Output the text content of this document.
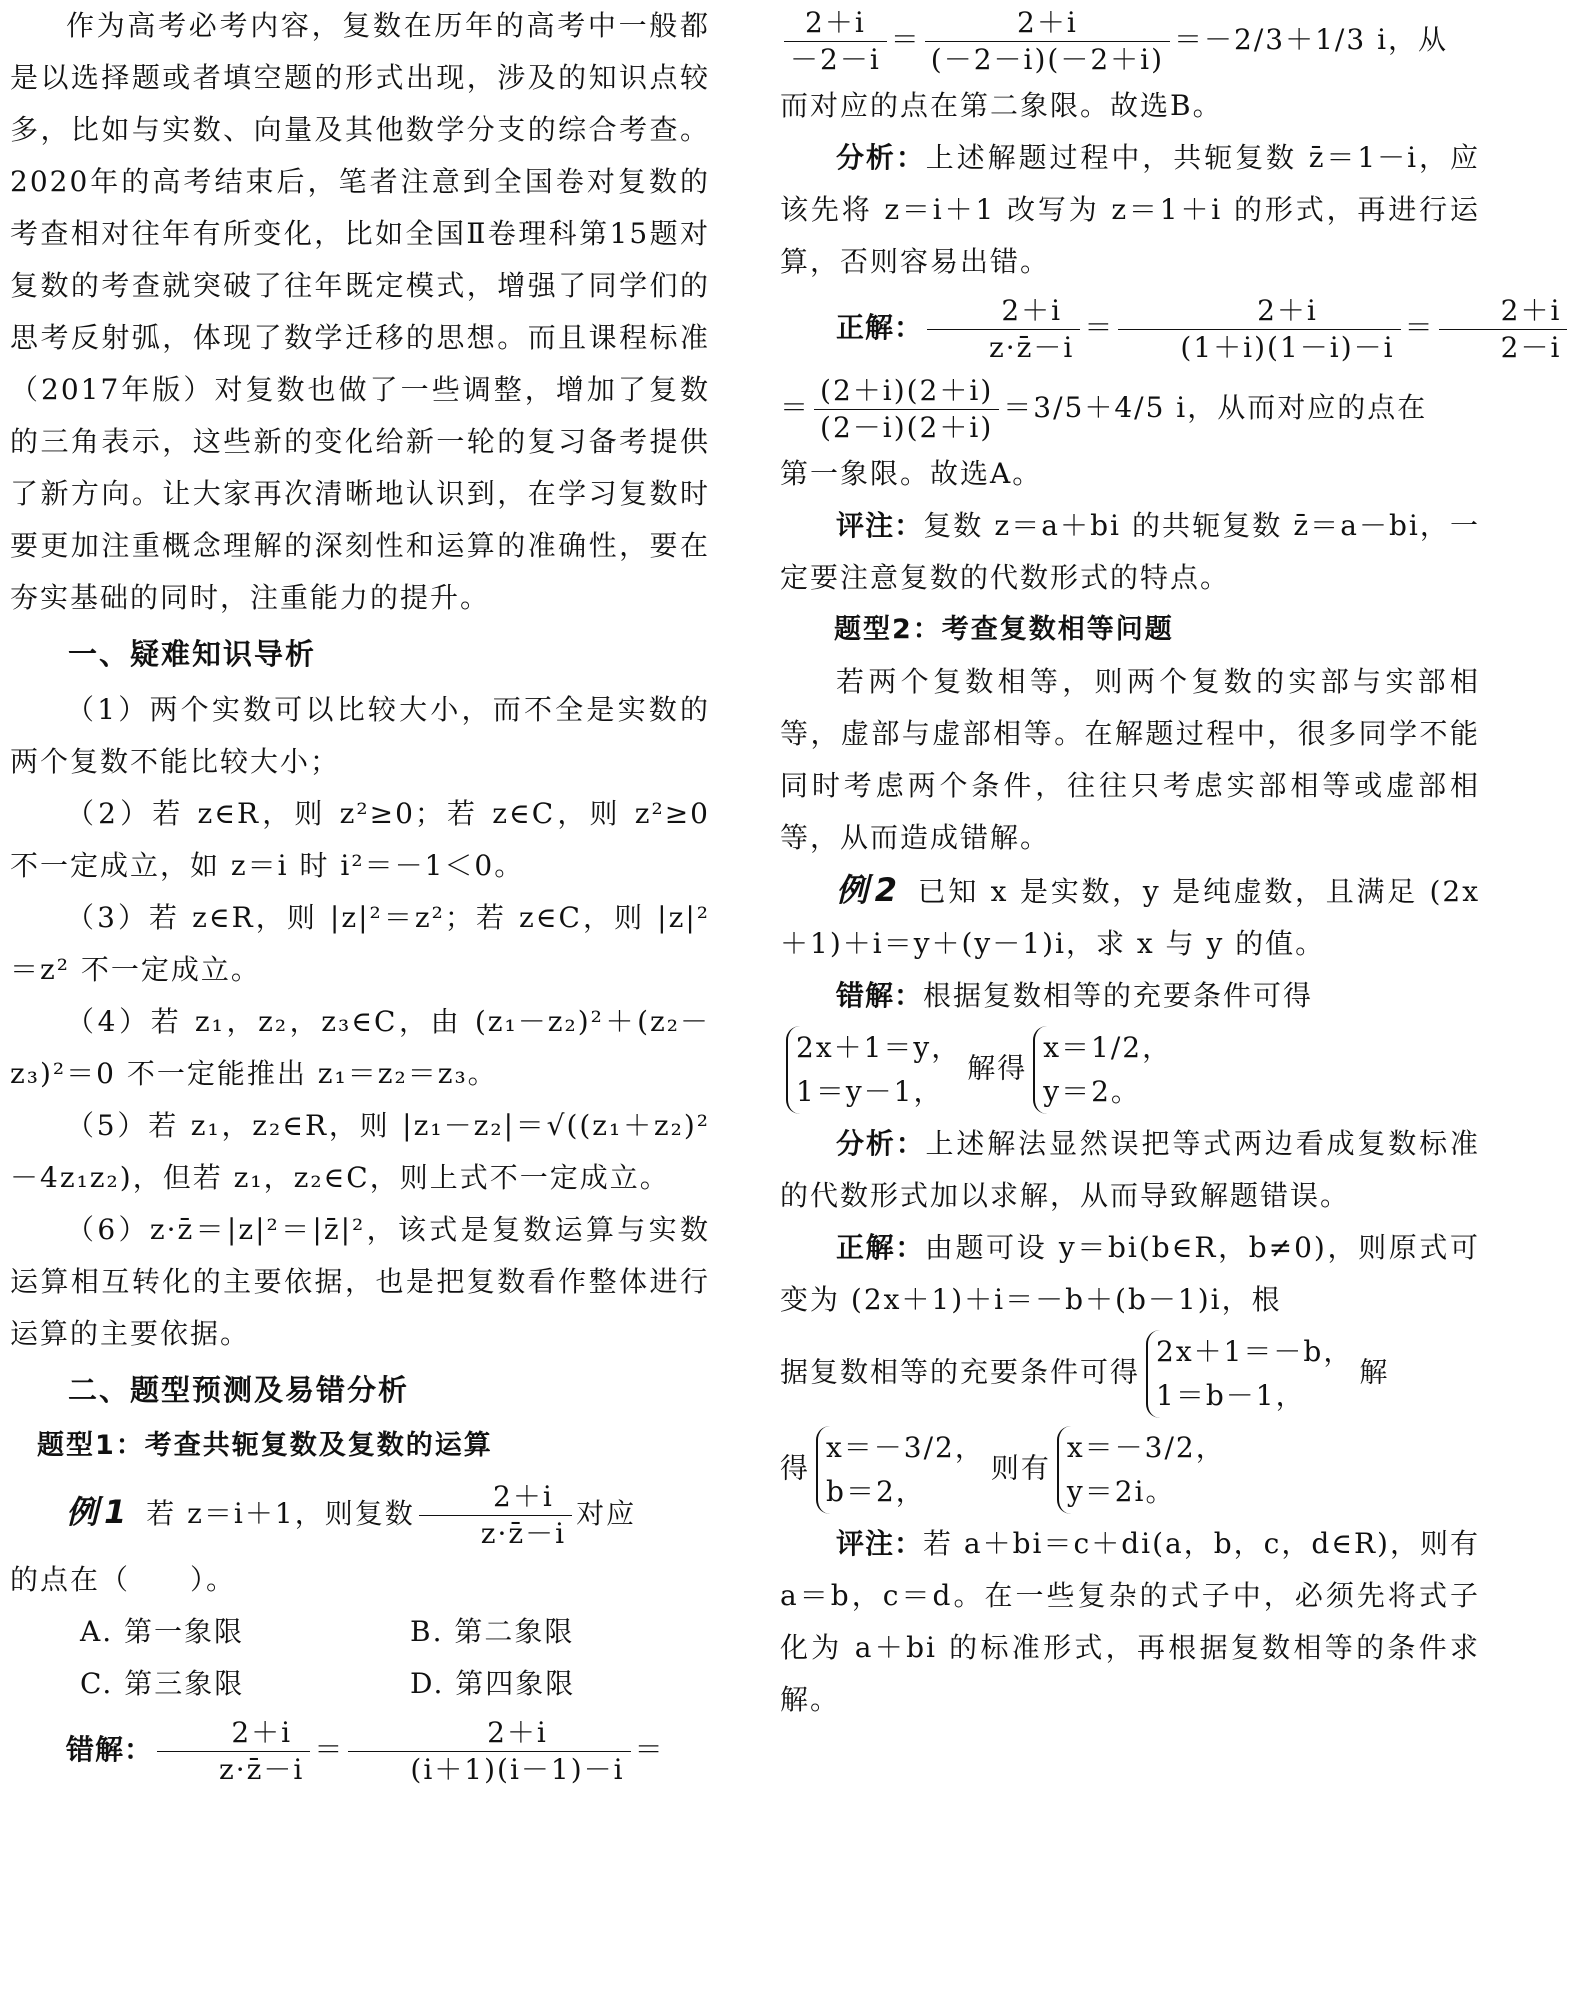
作为高考必考内容，复数在历年的高考中一般都是以选择题或者填空题的形式出现，涉及的知识点较多，比如与实数、向量及其他数学分支的综合考查。2020年的高考结束后，笔者注意到全国卷对复数的考查相对往年有所变化，比如全国Ⅱ卷理科第15题对复数的考查就突破了往年既定模式，增强了同学们的思考反射弧，体现了数学迁移的思想。而且课程标准（2017年版）对复数也做了一些调整，增加了复数的三角表示，这些新的变化给新一轮的复习备考提供了新方向。让大家再次清晰地认识到，在学习复数时要更加注重概念理解的深刻性和运算的准确性，要在夯实基础的同时，注重能力的提升。

一、疑难知识导析

（1）两个实数可以比较大小，而不全是实数的两个复数不能比较大小；

（2）若 z∈R，则 z²≥0；若 z∈C，则 z²≥0 不一定成立，如 z＝i 时 i²＝－1＜0。

（3）若 z∈R，则 |z|²＝z²；若 z∈C，则 |z|²＝z² 不一定成立。

（4）若 z₁，z₂，z₃∈C，由 (z₁－z₂)²＋(z₂－z₃)²＝0 不一定能推出 z₁＝z₂＝z₃。

（5）若 z₁，z₂∈R，则 |z₁－z₂|＝√((z₁＋z₂)²－4z₁z₂)，但若 z₁，z₂∈C，则上式不一定成立。

（6）z·z̄＝|z|²＝|z̄|²，该式是复数运算与实数运算相互转化的主要依据，也是把复数看作整体进行运算的主要依据。

二、题型预测及易错分析
题型1：考查共轭复数及复数的运算

例1 若 z＝i＋1，则复数 $\frac{2+i}{z\cdot z̄-i}$ 对应

的点在（　　）。

A. 第一象限	B. 第二象限
C. 第三象限	D. 第四象限

错解： $\frac{2+i}{z\cdot z̄-i} = \frac{2+i}{(i+1)(i-1)-i}$ ＝

$\frac{2+i}{-2-i} = \frac{2+i}{(-2-i)(-2+i)} =-2/3+1/3$ i，从

而对应的点在第二象限。故选B。

分析：上述解题过程中，共轭复数 z̄＝1－i，应该先将 z＝i＋1 改写为 z＝1＋i 的形式，再进行运算，否则容易出错。

正解： $\frac{2+i}{z\cdot z̄-i} = \frac{2+i}{(1+i)(1-i)-i} = \frac{2+i}{2-i}$

＝ $\frac{(2+i)(2+i)}{(2-i)(2+i)} =3/5+4/5$ i，从而对应的点在

第一象限。故选A。

评注：复数 z＝a＋bi 的共轭复数 z̄＝a－bi，一定要注意复数的代数形式的特点。

题型2：考查复数相等问题

若两个复数相等，则两个复数的实部与实部相等，虚部与虚部相等。在解题过程中，很多同学不能同时考虑两个条件，往往只考虑实部相等或虚部相等，从而造成错解。

例2 已知 x 是实数，y 是纯虚数，且满足 (2x＋1)＋i＝y＋(y－1)i，求 x 与 y 的值。

错解：根据复数相等的充要条件可得

2x＋1＝y，
1＝y－1，
解得
x＝1/2，
y＝2。

分析：上述解法显然误把等式两边看成复数标准的代数形式加以求解，从而导致解题错误。

正解：由题可设 y＝bi(b∈R，b≠0)，则原式可变为 (2x＋1)＋i＝－b＋(b－1)i，根

据复数相等的充要条件可得
2x＋1＝－b，
1＝b－1，
解

得
x＝－3/2，
b＝2，
则有
x＝－3/2，
y＝2i。

评注：若 a＋bi＝c＋di(a，b，c，d∈R)，则有 a＝b，c＝d。在一些复杂的式子中，必须先将式子化为 a＋bi 的标准形式，再根据复数相等的条件求解。
